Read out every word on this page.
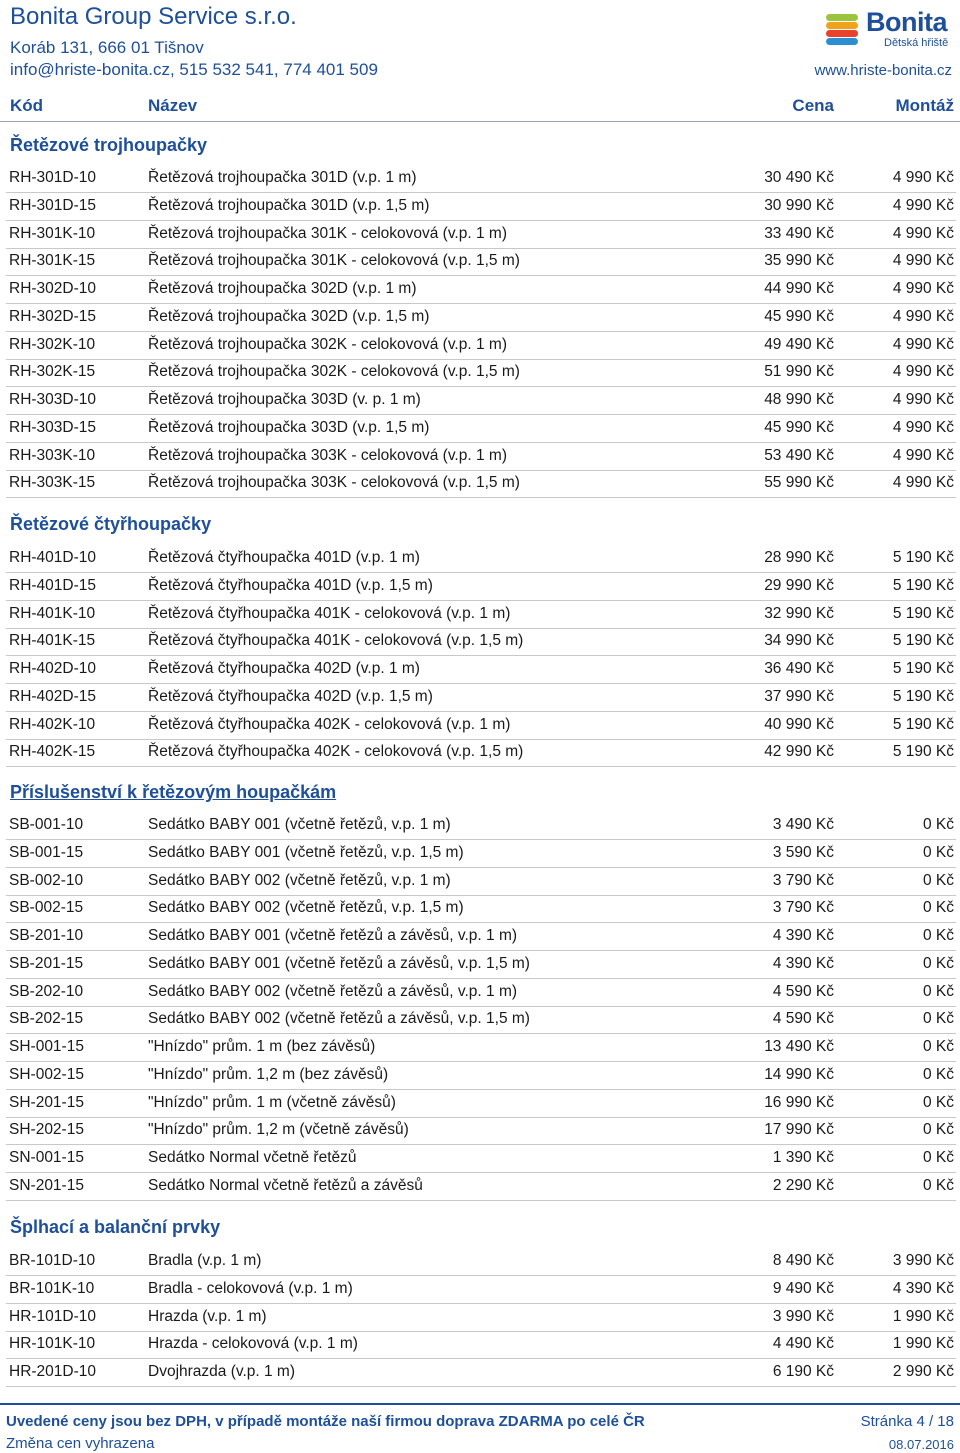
Bonita Group Service s.r.o.
Koráb 131, 666 01 Tišnov
info@hriste-bonita.cz, 515 532 541, 774 401 509
Bonita
Dětská hřiště
www.hriste-bonita.cz
Kód	Název	Cena	Montáž
Řetězové trojhoupačky
RH-301D-10	Řetězová trojhoupačka 301D (v.p. 1 m)	30 490 Kč	4 990 Kč
RH-301D-15	Řetězová trojhoupačka 301D (v.p. 1,5 m)	30 990 Kč	4 990 Kč
RH-301K-10	Řetězová trojhoupačka 301K - celokovová (v.p. 1 m)	33 490 Kč	4 990 Kč
RH-301K-15	Řetězová trojhoupačka 301K - celokovová (v.p. 1,5 m)	35 990 Kč	4 990 Kč
RH-302D-10	Řetězová trojhoupačka 302D (v.p. 1 m)	44 990 Kč	4 990 Kč
RH-302D-15	Řetězová trojhoupačka 302D (v.p. 1,5 m)	45 990 Kč	4 990 Kč
RH-302K-10	Řetězová trojhoupačka 302K - celokovová (v.p. 1 m)	49 490 Kč	4 990 Kč
RH-302K-15	Řetězová trojhoupačka 302K - celokovová (v.p. 1,5 m)	51 990 Kč	4 990 Kč
RH-303D-10	Řetězová trojhoupačka 303D (v. p. 1 m)	48 990 Kč	4 990 Kč
RH-303D-15	Řetězová trojhoupačka 303D (v.p. 1,5 m)	45 990 Kč	4 990 Kč
RH-303K-10	Řetězová trojhoupačka 303K - celokovová (v.p. 1 m)	53 490 Kč	4 990 Kč
RH-303K-15	Řetězová trojhoupačka 303K - celokovová (v.p. 1,5 m)	55 990 Kč	4 990 Kč
Řetězové čtyřhoupačky
RH-401D-10	Řetězová čtyřhoupačka 401D (v.p. 1 m)	28 990 Kč	5 190 Kč
RH-401D-15	Řetězová čtyřhoupačka 401D (v.p. 1,5 m)	29 990 Kč	5 190 Kč
RH-401K-10	Řetězová čtyřhoupačka 401K - celokovová (v.p. 1 m)	32 990 Kč	5 190 Kč
RH-401K-15	Řetězová čtyřhoupačka 401K - celokovová (v.p. 1,5 m)	34 990 Kč	5 190 Kč
RH-402D-10	Řetězová čtyřhoupačka 402D (v.p. 1 m)	36 490 Kč	5 190 Kč
RH-402D-15	Řetězová čtyřhoupačka 402D (v.p. 1,5 m)	37 990 Kč	5 190 Kč
RH-402K-10	Řetězová čtyřhoupačka 402K - celokovová (v.p. 1 m)	40 990 Kč	5 190 Kč
RH-402K-15	Řetězová čtyřhoupačka 402K - celokovová (v.p. 1,5 m)	42 990 Kč	5 190 Kč
Příslušenství k řetězovým houpačkám
SB-001-10	Sedátko BABY 001 (včetně řetězů, v.p. 1 m)	3 490 Kč	0 Kč
SB-001-15	Sedátko BABY 001 (včetně řetězů, v.p. 1,5 m)	3 590 Kč	0 Kč
SB-002-10	Sedátko BABY 002 (včetně řetězů, v.p. 1 m)	3 790 Kč	0 Kč
SB-002-15	Sedátko BABY 002 (včetně řetězů, v.p. 1,5 m)	3 790 Kč	0 Kč
SB-201-10	Sedátko BABY 001 (včetně řetězů a závěsů, v.p. 1 m)	4 390 Kč	0 Kč
SB-201-15	Sedátko BABY 001 (včetně řetězů a závěsů, v.p. 1,5 m)	4 390 Kč	0 Kč
SB-202-10	Sedátko BABY 002 (včetně řetězů a závěsů, v.p. 1 m)	4 590 Kč	0 Kč
SB-202-15	Sedátko BABY 002 (včetně řetězů a závěsů, v.p. 1,5 m)	4 590 Kč	0 Kč
SH-001-15	"Hnízdo" prům. 1 m (bez závěsů)	13 490 Kč	0 Kč
SH-002-15	"Hnízdo" prům. 1,2 m (bez závěsů)	14 990 Kč	0 Kč
SH-201-15	"Hnízdo" prům. 1 m (včetně závěsů)	16 990 Kč	0 Kč
SH-202-15	"Hnízdo" prům. 1,2 m (včetně závěsů)	17 990 Kč	0 Kč
SN-001-15	Sedátko Normal včetně řetězů	1 390 Kč	0 Kč
SN-201-15	Sedátko Normal včetně řetězů a závěsů	2 290 Kč	0 Kč
Šplhací a balanční prvky
BR-101D-10	Bradla (v.p. 1 m)	8 490 Kč	3 990 Kč
BR-101K-10	Bradla - celokovová (v.p. 1 m)	9 490 Kč	4 390 Kč
HR-101D-10	Hrazda (v.p. 1 m)	3 990 Kč	1 990 Kč
HR-101K-10	Hrazda - celokovová (v.p. 1 m)	4 490 Kč	1 990 Kč
HR-201D-10	Dvojhrazda (v.p. 1 m)	6 190 Kč	2 990 Kč
Uvedené ceny jsou bez DPH, v případě montáže naší firmou doprava ZDARMA po celé ČR
Změna cen vyhrazena
Stránka 4 / 18
08.07.2016
